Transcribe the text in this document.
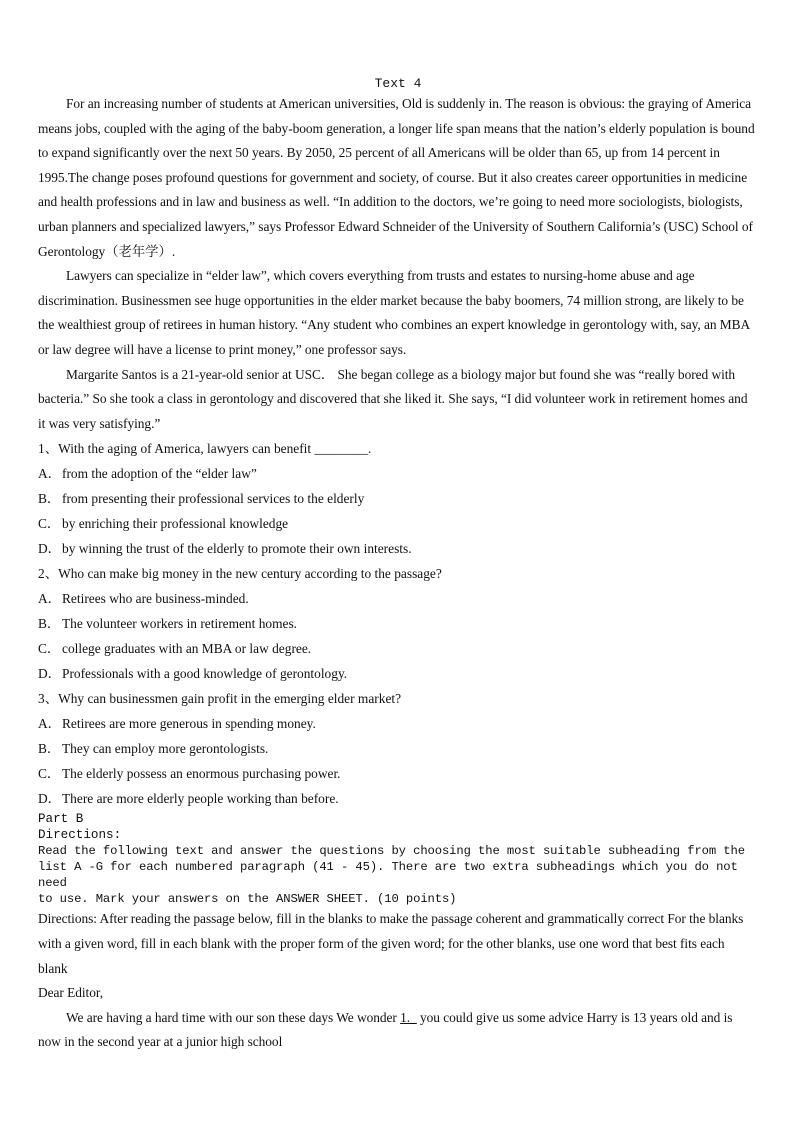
Text 4

For an increasing number of students at American universities, Old is suddenly in. The reason is obvious: the graying of America means jobs, coupled with the aging of the baby-boom generation, a longer life span means that the nation’s elderly population is bound to expand significantly over the next 50 years. By 2050, 25 percent of all Americans will be older than 65, up from 14 percent in 1995.The change poses profound questions for government and society, of course. But it also creates career opportunities in medicine and health professions and in law and business as well. “In addition to the doctors, we’re going to need more sociologists, biologists, urban planners and specialized lawyers,” says Professor Edward Schneider of the University of Southern California’s (USC) School of Gerontology（老年学）.

Lawyers can specialize in “elder law”, which covers everything from trusts and estates to nursing-home abuse and age discrimination. Businessmen see huge opportunities in the elder market because the baby boomers, 74 million strong, are likely to be the wealthiest group of retirees in human history. “Any student who combines an expert knowledge in gerontology with, say, an MBA or law degree will have a license to print money,” one professor says.

Margarite Santos is a 21-year-old senior at USC． She began college as a biology major but found she was “really bored with bacteria.” So she took a class in gerontology and discovered that she liked it. She says, “I did volunteer work in retirement homes and it was very satisfying.”

1、With the aging of America, lawyers can benefit ________.

A．from the adoption of the “elder law”

B． from presenting their professional services to the elderly

C． by enriching their professional knowledge

D．by winning the trust of the elderly to promote their own interests.

2、Who can make big money in the new century according to the passage?

A．Retirees who are business-minded.

B． The volunteer workers in retirement homes.

C． college graduates with an MBA or law degree.

D．Professionals with a good knowledge of gerontology.

3、Why can businessmen gain profit in the emerging elder market?

A．Retirees are more generous in spending money.

B． They can employ more gerontologists.

C． The elderly possess an enormous purchasing power.

D．There are more elderly people working than before.

Part B

Directions:

Read the following text and answer the questions by choosing the most suitable subheading from the

list A -G for each numbered paragraph (41 - 45). There are two extra subheadings which you do not need

to use. Mark your answers on the ANSWER SHEET. (10 points)

Directions: After reading the passage below, fill in the blanks to make the passage coherent and grammatically correct For the blanks with a given word, fill in each blank with the proper form of the given word; for the other blanks, use one word that best fits each blank

Dear Editor,

We are having a hard time with our son these days We wonder 1._ you could give us some advice Harry is 13 years old and is now in the second year at a junior high school
